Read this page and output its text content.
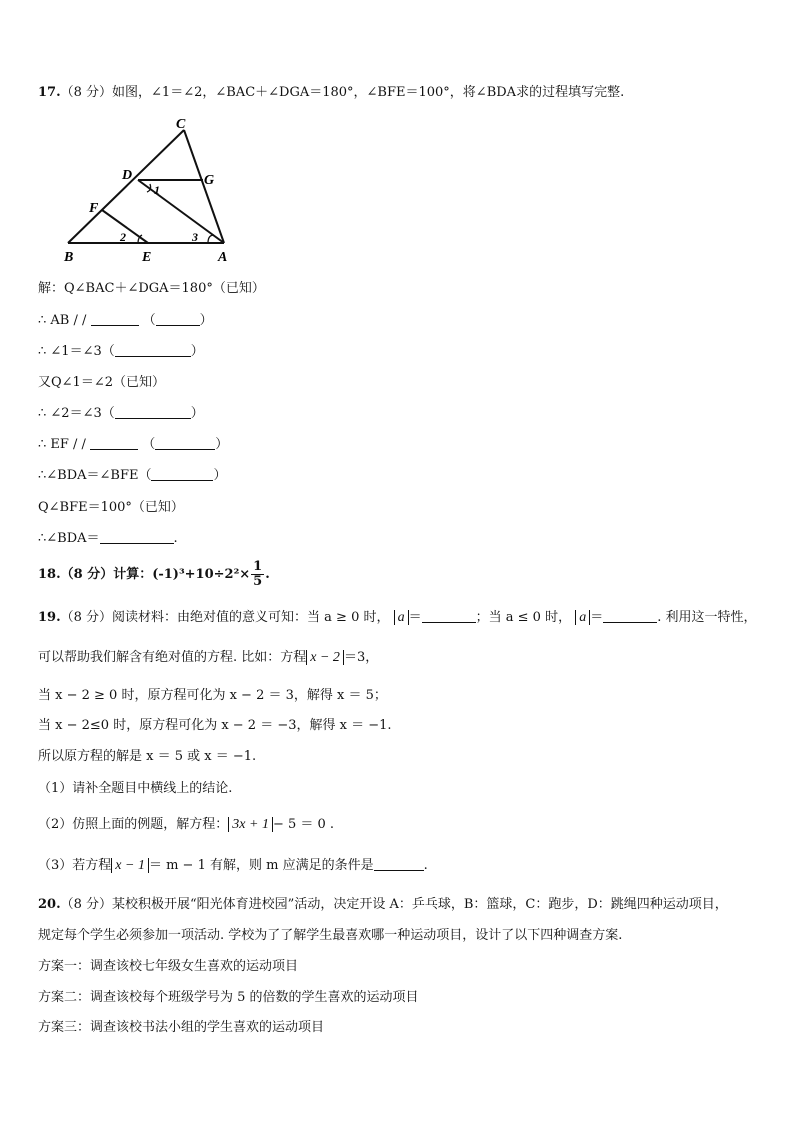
17.（8 分）如图，∠1＝∠2，∠BAC＋∠DGA＝180°，∠BFE＝100°，将∠BDA求的过程填写完整.
C
D	G
F
B	E	A
1
2	3
解：Q∠BAC＋∠DGA＝180°（已知）
∴ AB / /	（	）
∴ ∠1＝∠3（	）
又Q∠1＝∠2（已知）
∴ ∠2＝∠3（	）
∴ EF / /	（	）
∴∠BDA＝∠BFE（	）
Q∠BFE＝100°（已知）
∴∠BDA＝	.
18.（8 分）计算：$(-1)^3+10\div 2^2\times \frac{1}{5}$ .
19.（8 分）阅读材料：由绝对值的意义可知：当 a ≥ 0 时， a ＝	；当 a ≤ 0 时， a ＝	. 利用这一特性，
可以帮助我们解含有绝对值的方程. 比如：方程 x − 2 ＝3，
当 x − 2 ≥ 0 时，原方程可化为 x − 2 ＝ 3，解得 x ＝ 5；
当 x − 2≤0 时，原方程可化为 x − 2 ＝ −3，解得 x ＝ −1.
所以原方程的解是 x ＝ 5 或 x ＝ −1.
（1）请补全题目中横线上的结论.
（2）仿照上面的例题，解方程： 3x + 1 − 5 ＝ 0 .
（3）若方程 x − 1 ＝ m − 1 有解，则 m 应满足的条件是	.
20.（8 分）某校积极开展“阳光体育进校园”活动，决定开设 A：乒乓球，B：篮球，C：跑步，D：跳绳四种运动项目，
规定每个学生必须参加一项活动. 学校为了了解学生最喜欢哪一种运动项目，设计了以下四种调查方案.
方案一：调查该校七年级女生喜欢的运动项目
方案二：调查该校每个班级学号为 5 的倍数的学生喜欢的运动项目
方案三：调查该校书法小组的学生喜欢的运动项目
